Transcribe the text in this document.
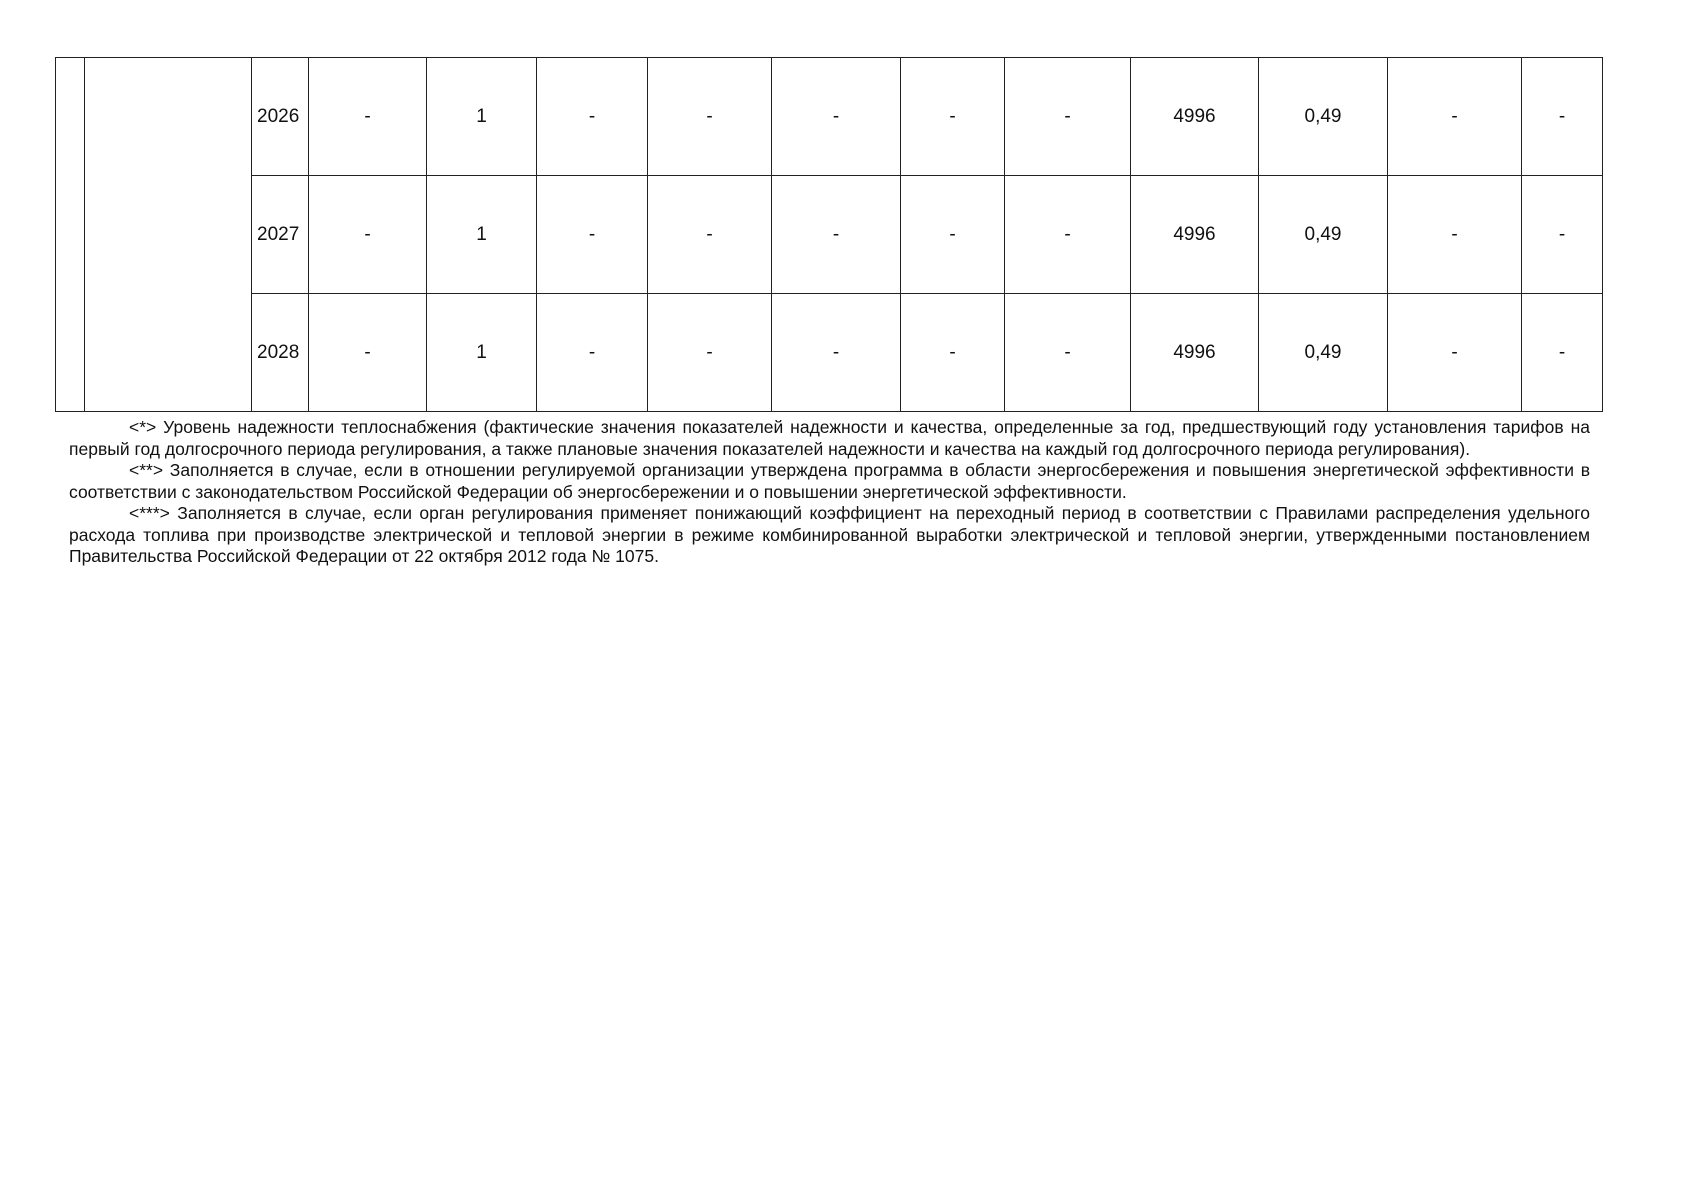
		2026	-	1	-	-	-	-	-	4996	0,49	-	-
		2027	-	1	-	-	-	-	-	4996	0,49	-	-
		2028	-	1	-	-	-	-	-	4996	0,49	-	-

<*> Уровень надежности теплоснабжения (фактические значения показателей надежности и качества, определенные за год, предшествующий году установления тарифов на первый год долгосрочного периода регулирования, а также плановые значения показателей надежности и качества на каждый год долгосрочного периода регулирования).

<**> Заполняется в случае, если в отношении регулируемой организации утверждена программа в области энергосбережения и повышения энергетической эффективности в соответствии с законодательством Российской Федерации об энергосбережении и о повышении энергетической эффективности.

<***> Заполняется в случае, если орган регулирования применяет понижающий коэффициент на переходный период в соответствии с Правилами распределения удельного расхода топлива при производстве электрической и тепловой энергии в режиме комбинированной выработки электрической и тепловой энергии, утвержденными постановлением Правительства Российской Федерации от 22 октября 2012 года № 1075.
